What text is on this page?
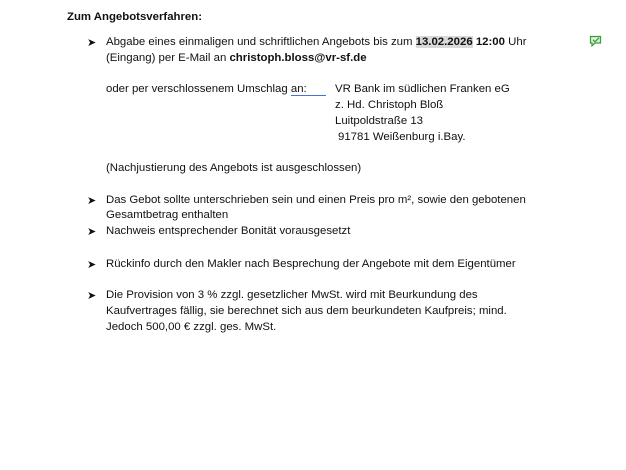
Zum Angebotsverfahren:
➤ Abgabe eines einmaligen und schriftlichen Angebots bis zum 13.02.2026 12:00 Uhr
(Eingang) per E-Mail an christoph.bloss@vr-sf.de
oder per verschlossenem Umschlag an:	VR Bank im südlichen Franken eG
z. Hd. Christoph Bloß
Luitpoldstraße 13
91781 Weißenburg i.Bay.
(Nachjustierung des Angebots ist ausgeschlossen)
➤ Das Gebot sollte unterschrieben sein und einen Preis pro m², sowie den gebotenen
Gesamtbetrag enthalten
➤ Nachweis entsprechender Bonität vorausgesetzt
➤ Rückinfo durch den Makler nach Besprechung der Angebote mit dem Eigentümer
➤ Die Provision von 3 % zzgl. gesetzlicher MwSt. wird mit Beurkundung des
Kaufvertrages fällig, sie berechnet sich aus dem beurkundeten Kaufpreis; mind.
Jedoch 500,00 € zzgl. ges. MwSt.
